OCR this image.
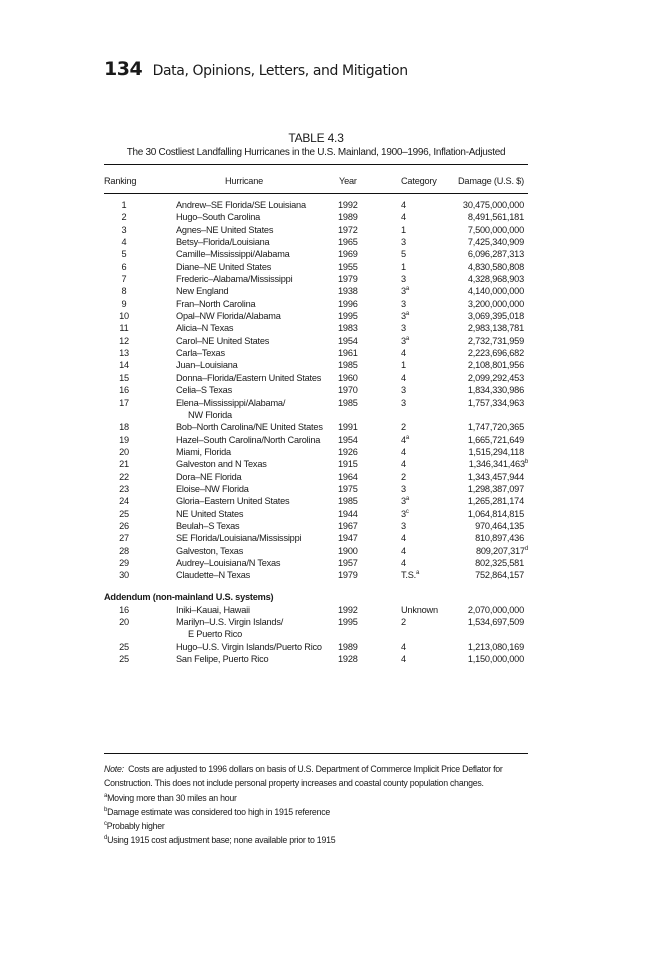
134 Data, Opinions, Letters, and Mitigation
TABLE 4.3
The 30 Costliest Landfalling Hurricanes in the U.S. Mainland, 1900–1996, Inflation-Adjusted
Ranking	Hurricane	Year	Category Damage (U.S. $)
1	Andrew–SE Florida/SE Louisiana	1992	4	30,475,000,000
2	Hugo–South Carolina	1989	4	8,491,561,181
3	Agnes–NE United States	1972	1	7,500,000,000
4	Betsy–Florida/Louisiana	1965	3	7,425,340,909
5	Camille–Mississippi/Alabama	1969	5	6,096,287,313
6	Diane–NE United States	1955	1	4,830,580,808
7	Frederic–Alabama/Mississippi	1979	3	4,328,968,903
8	New England	1938	3$^a$	4,140,000,000
9	Fran–North Carolina	1996	3	3,200,000,000
10	Opal–NW Florida/Alabama	1995	3$^a$	3,069,395,018
11	Alicia–N Texas	1983	3	2,983,138,781
12	Carol–NE United States	1954	3$^a$	2,732,731,959
13	Carla–Texas	1961	4	2,223,696,682
14	Juan–Louisiana	1985	1	2,108,801,956
15	Donna–Florida/Eastern United States 1960	4	2,099,292,453
16	Celia–S Texas	1970	3	1,834,330,986
17	Elena–Mississippi/Alabama/
NW Florida
1985	3	1,757,334,963
18	Bob–North Carolina/NE United States 1991	2	1,747,720,365
19	Hazel–South Carolina/North Carolina 1954	4$^a$	1,665,721,649
20	Miami, Florida	1926	4	1,515,294,118
21	Galveston and N Texas	1915	4	1,346,341,463$^b$
22	Dora–NE Florida	1964	2	1,343,457,944
23	Eloise–NW Florida	1975	3	1,298,387,097
24	Gloria–Eastern United States	1985	3$^a$	1,265,281,174
25	NE United States	1944	3$^c$	1,064,814,815
26	Beulah–S Texas	1967	3	970,464,135
27	SE Florida/Louisiana/Mississippi	1947	4	810,897,436
28	Galveston, Texas	1900	4	809,207,317$^d$
29	Audrey–Louisiana/N Texas	1957	4	802,325,581
30	Claudette–N Texas	1979	T.S.$^a$	752,864,157
Addendum (non-mainland U.S. systems)
16	Iniki–Kauai, Hawaii	1992	Unknown	2,070,000,000
20	Marilyn–U.S. Virgin Islands/
E Puerto Rico
1995	2	1,534,697,509
25	Hugo–U.S. Virgin Islands/Puerto Rico 1989	4	1,213,080,169
25	San Felipe, Puerto Rico	1928	4	1,150,000,000

Note: Costs are adjusted to 1996 dollars on basis of U.S. Department of Commerce Implicit Price Deflator for Construction. This does not include personal property increases and coastal county population changes.

$^a$Moving more than 30 miles an hour

$^b$Damage estimate was considered too high in 1915 reference

$^c$Probably higher

$^d$Using 1915 cost adjustment base; none available prior to 1915
